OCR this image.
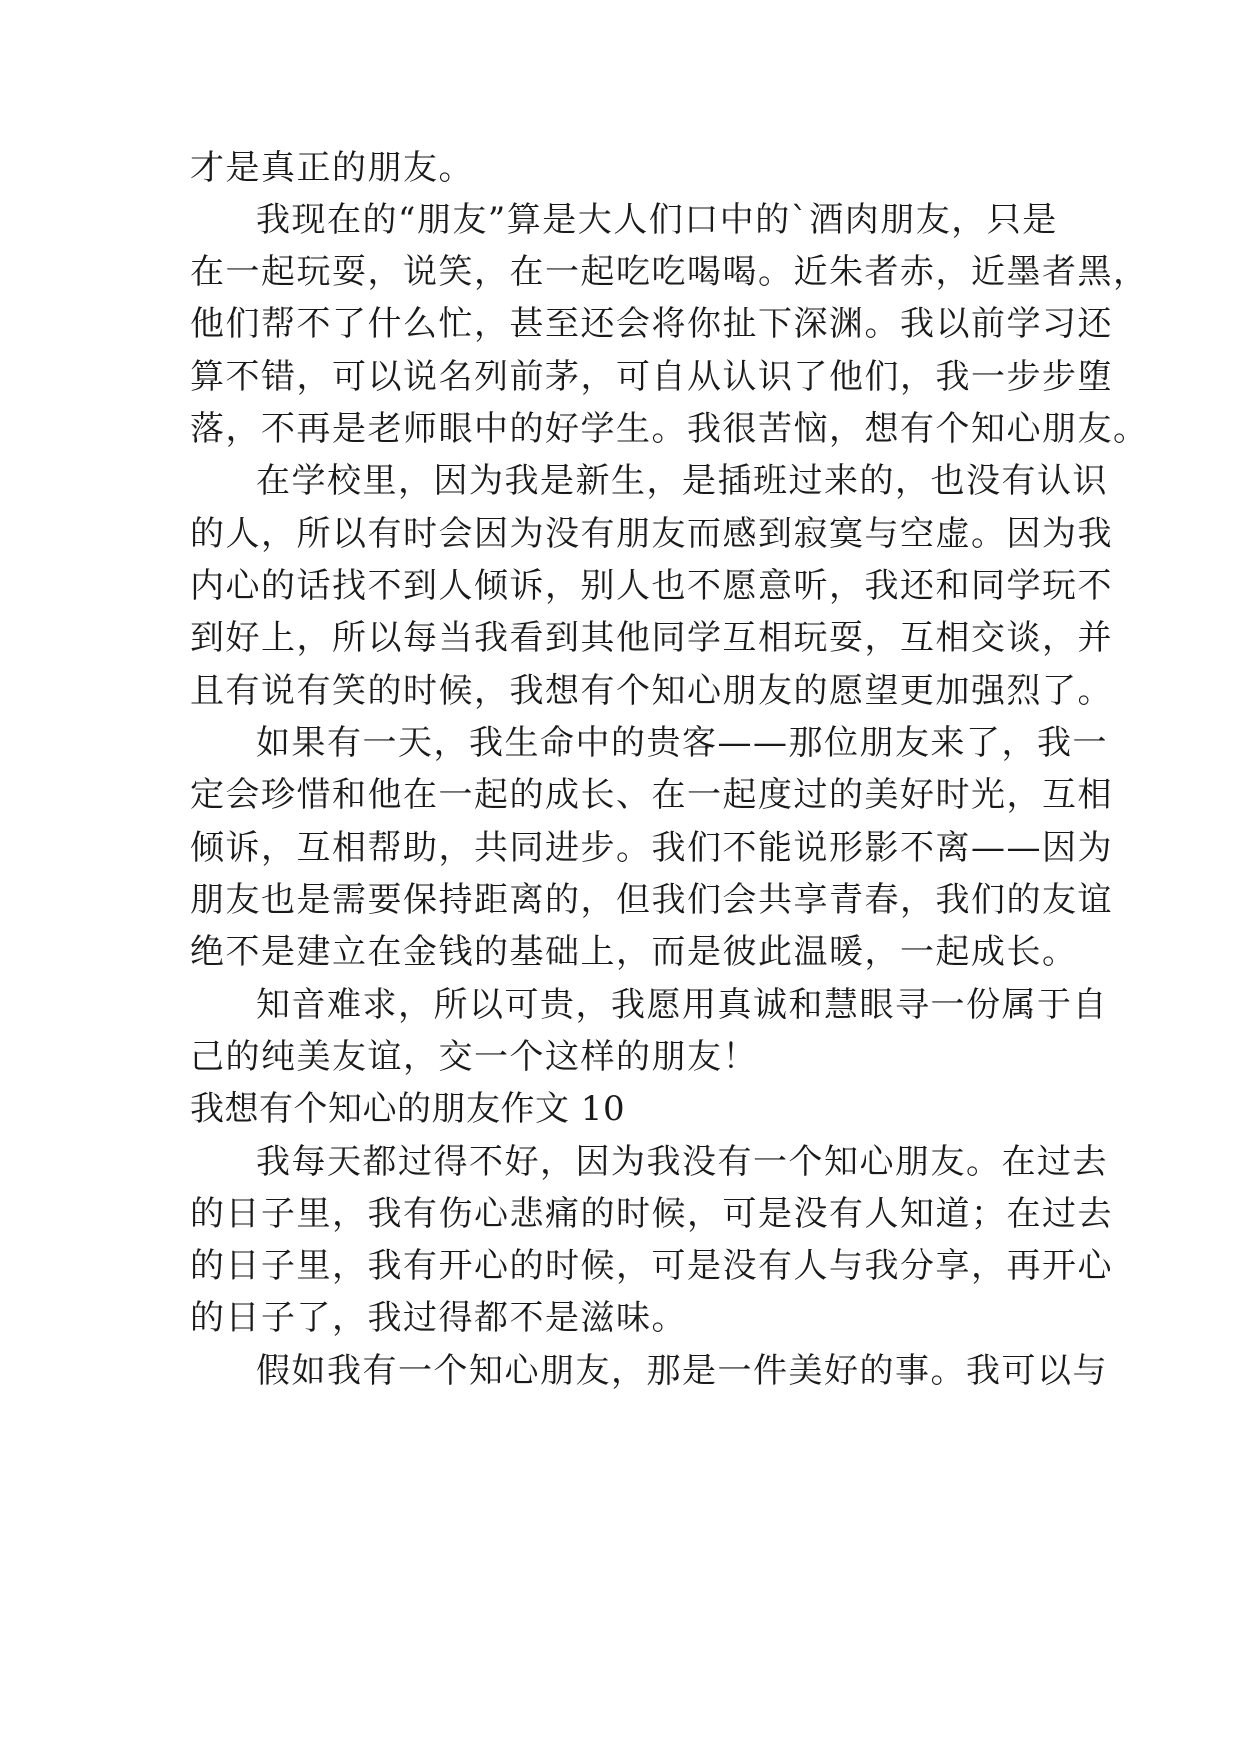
才是真正的朋友。
我现在的“朋友”算是大人们口中的`酒肉朋友，只是
在一起玩耍，说笑，在一起吃吃喝喝。近朱者赤，近墨者黑，
他们帮不了什么忙，甚至还会将你扯下深渊。我以前学习还
算不错，可以说名列前茅，可自从认识了他们，我一步步堕
落，不再是老师眼中的好学生。我很苦恼，想有个知心朋友。
在学校里，因为我是新生，是插班过来的，也没有认识
的人，所以有时会因为没有朋友而感到寂寞与空虚。因为我
内心的话找不到人倾诉，别人也不愿意听，我还和同学玩不
到好上，所以每当我看到其他同学互相玩耍，互相交谈，并
且有说有笑的时候，我想有个知心朋友的愿望更加强烈了。
如果有一天，我生命中的贵客——那位朋友来了，我一
定会珍惜和他在一起的成长、在一起度过的美好时光，互相
倾诉，互相帮助，共同进步。我们不能说形影不离——因为
朋友也是需要保持距离的，但我们会共享青春，我们的友谊
绝不是建立在金钱的基础上，而是彼此温暖，一起成长。
知音难求，所以可贵，我愿用真诚和慧眼寻一份属于自
己的纯美友谊，交一个这样的朋友！
我想有个知心的朋友作文 10
我每天都过得不好，因为我没有一个知心朋友。在过去
的日子里，我有伤心悲痛的时候，可是没有人知道；在过去
的日子里，我有开心的时候，可是没有人与我分享，再开心
的日子了，我过得都不是滋味。
假如我有一个知心朋友，那是一件美好的事。我可以与
